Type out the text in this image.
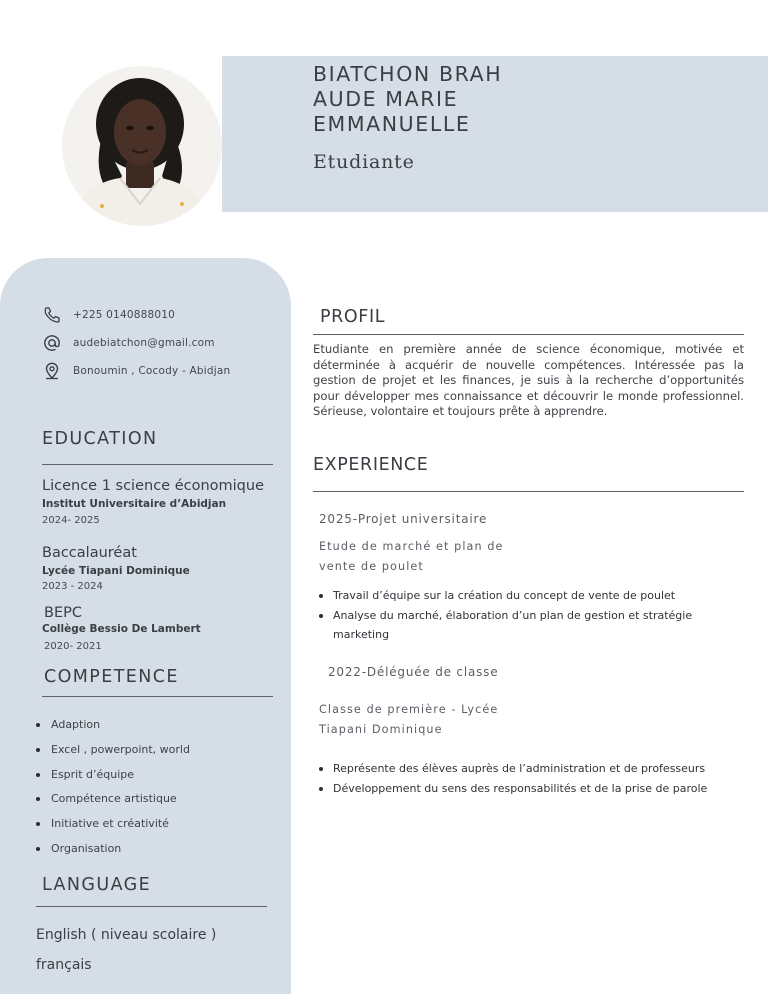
BIATCHON BRAH
AUDE MARIE
EMMANUELLE
Etudiante
+225 0140888010
audebiatchon@gmail.com
Bonoumin , Cocody - Abidjan
EDUCATION
Licence 1 science économique
Institut Universitaire d’Abidjan
2024- 2025
Baccalauréat
Lycée Tiapani Dominique
2023 - 2024
BEPC
Collège Bessio De Lambert
2020- 2021
COMPETENCE
Adaption
Excel , powerpoint, world
Esprit d’équipe
Compétence artistique
Initiative et créativité
Organisation
LANGUAGE
English ( niveau scolaire )
français
PROFIL
Etudiante en première année de science économique, motivée et déterminée à acquérir de nouvelle compétences. Intéressée pas la gestion de projet et les finances, je suis à la recherche d’opportunités pour développer mes connaissance et découvrir le monde professionnel. Sérieuse, volontaire et toujours prête à apprendre.
EXPERIENCE
2025-Projet universitaire
Etude de marché et plan de
vente de poulet
Travail d’équipe sur la création du concept de vente de poulet
Analyse du marché, élaboration d’un plan de gestion et stratégie marketing
2022-Déléguée de classe
Classe de première - Lycée
Tiapani Dominique
Représente des élèves auprès de l’administration et de professeurs
Développement du sens des responsabilités et de la prise de parole
